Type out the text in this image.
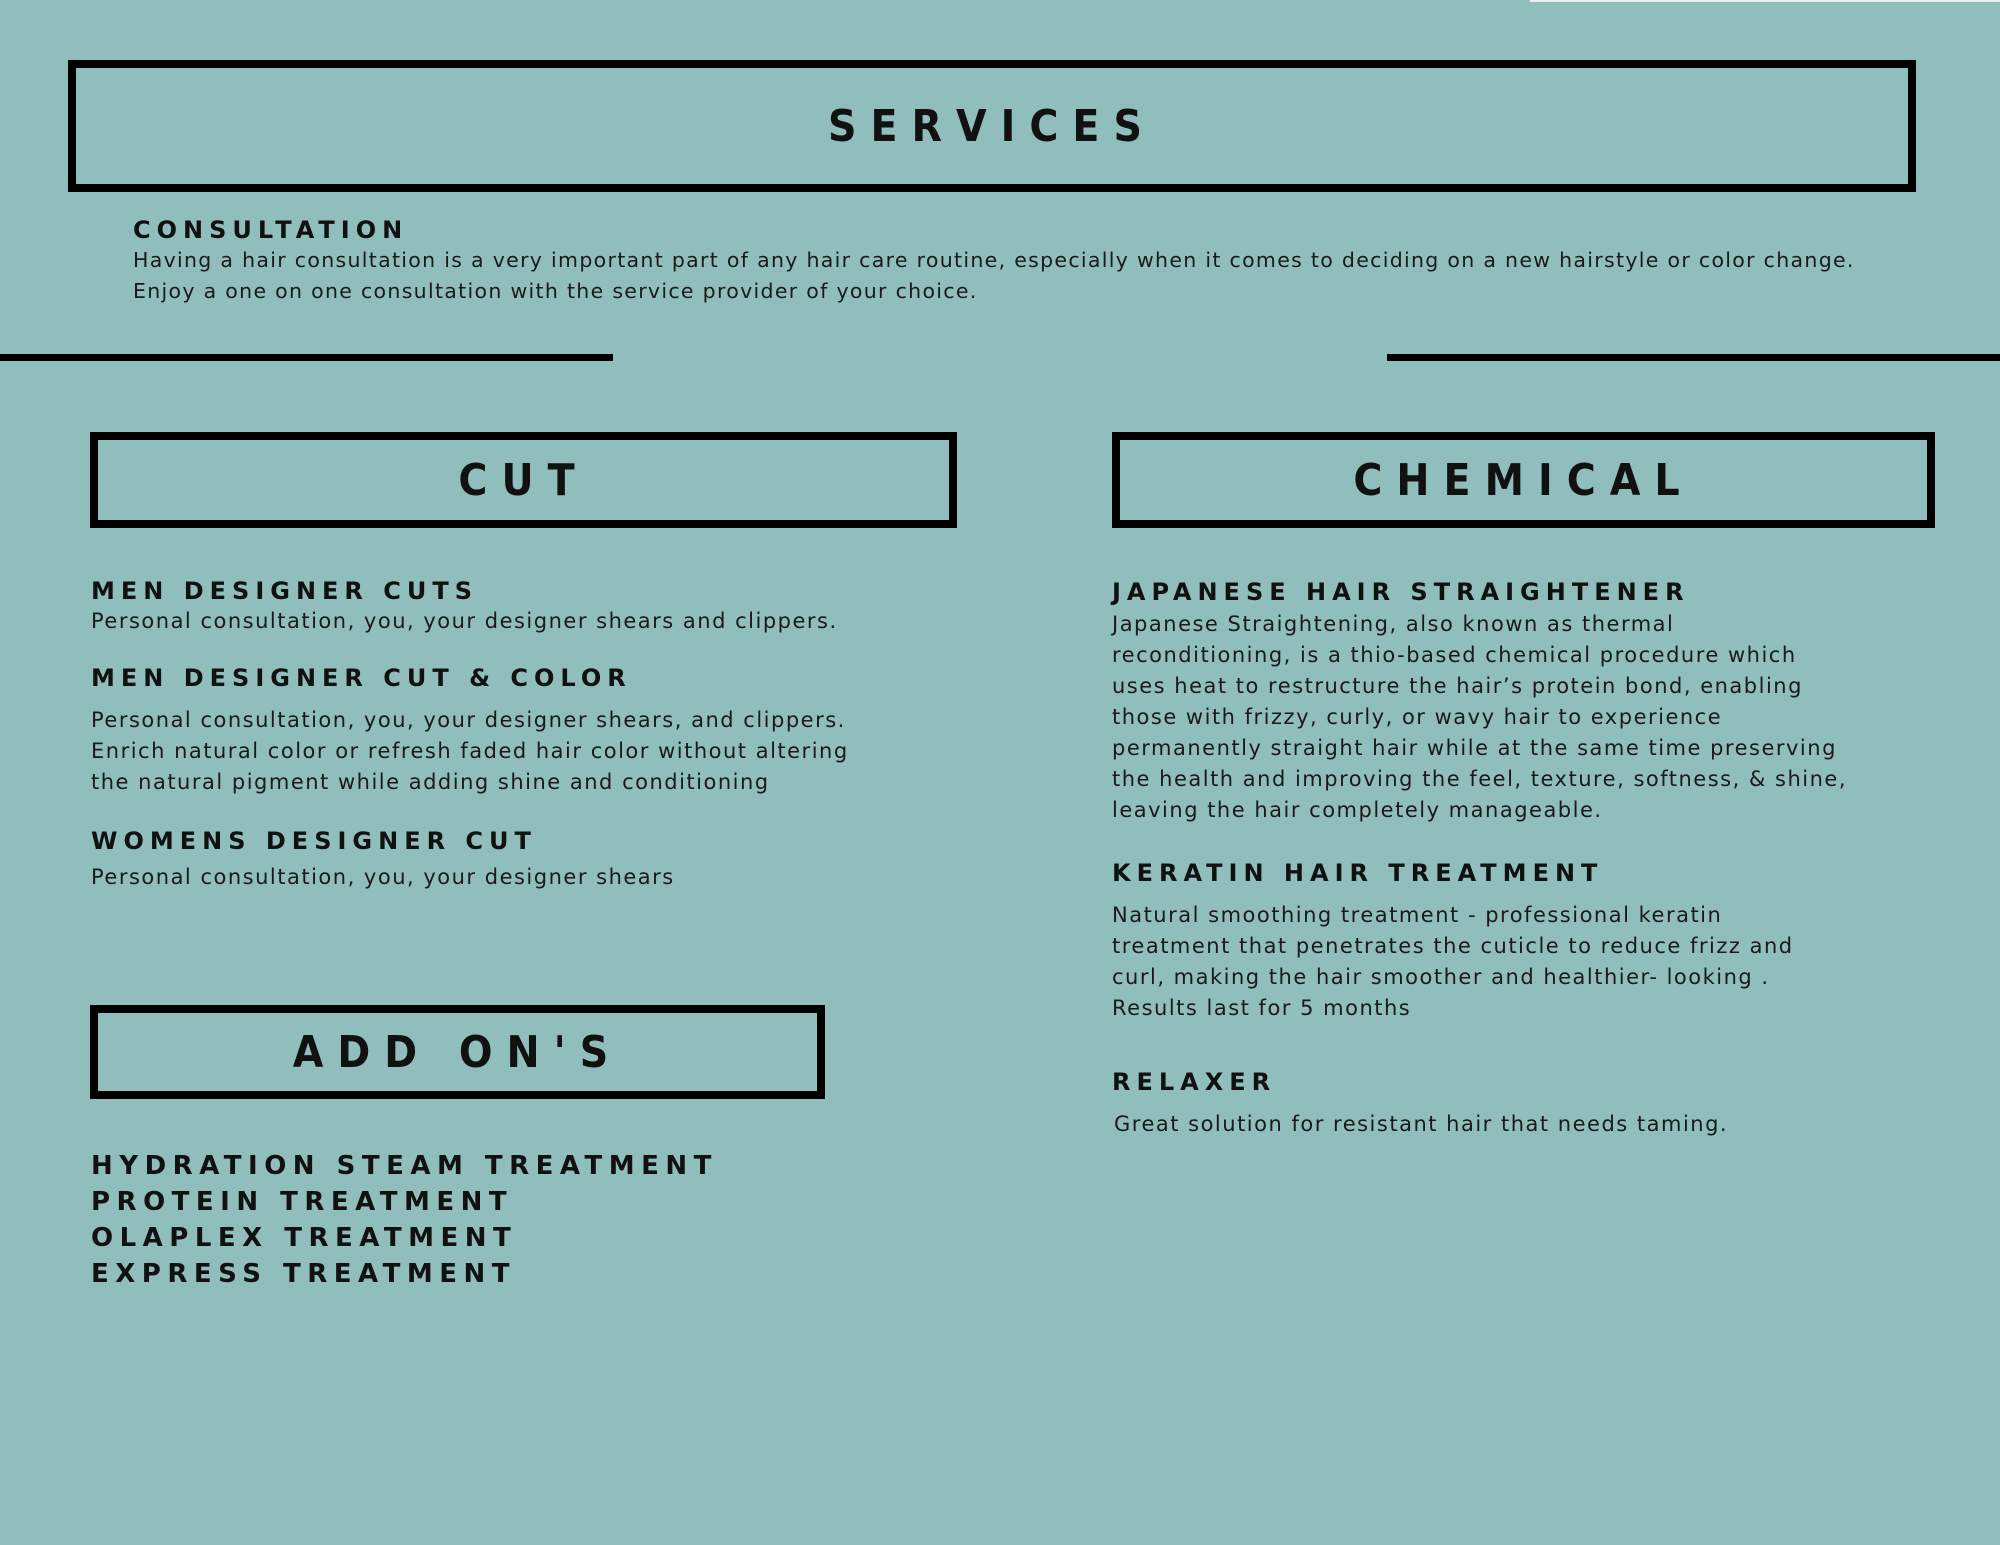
SERVICES

CONSULTATION

Having a hair consultation is a very important part of any hair care routine, especially when it comes to deciding on a new hairstyle or color change.

Enjoy a one on one consultation with the service provider of your choice.

CUT	CHEMICAL

MEN DESIGNER CUTS

Personal consultation, you, your designer shears and clippers.

MEN DESIGNER CUT & COLOR

Personal consultation, you, your designer shears, and clippers.

Enrich natural color or refresh faded hair color without altering

the natural pigment while adding shine and conditioning

WOMENS DESIGNER CUT

Personal consultation, you, your designer shears

ADD ON'S

HYDRATION STEAM TREATMENT

PROTEIN TREATMENT

OLAPLEX TREATMENT

EXPRESS TREATMENT

JAPANESE HAIR STRAIGHTENER

Japanese Straightening, also known as thermal

reconditioning, is a thio-based chemical procedure which

uses heat to restructure the hair’s protein bond, enabling

those with frizzy, curly, or wavy hair to experience

permanently straight hair while at the same time preserving

the health and improving the feel, texture, softness, & shine,

leaving the hair completely manageable.

KERATIN HAIR TREATMENT

Natural smoothing treatment - professional keratin

treatment that penetrates the cuticle to reduce frizz and

curl, making the hair smoother and healthier- looking .

Results last for 5 months

RELAXER

Great solution for resistant hair that needs taming.
